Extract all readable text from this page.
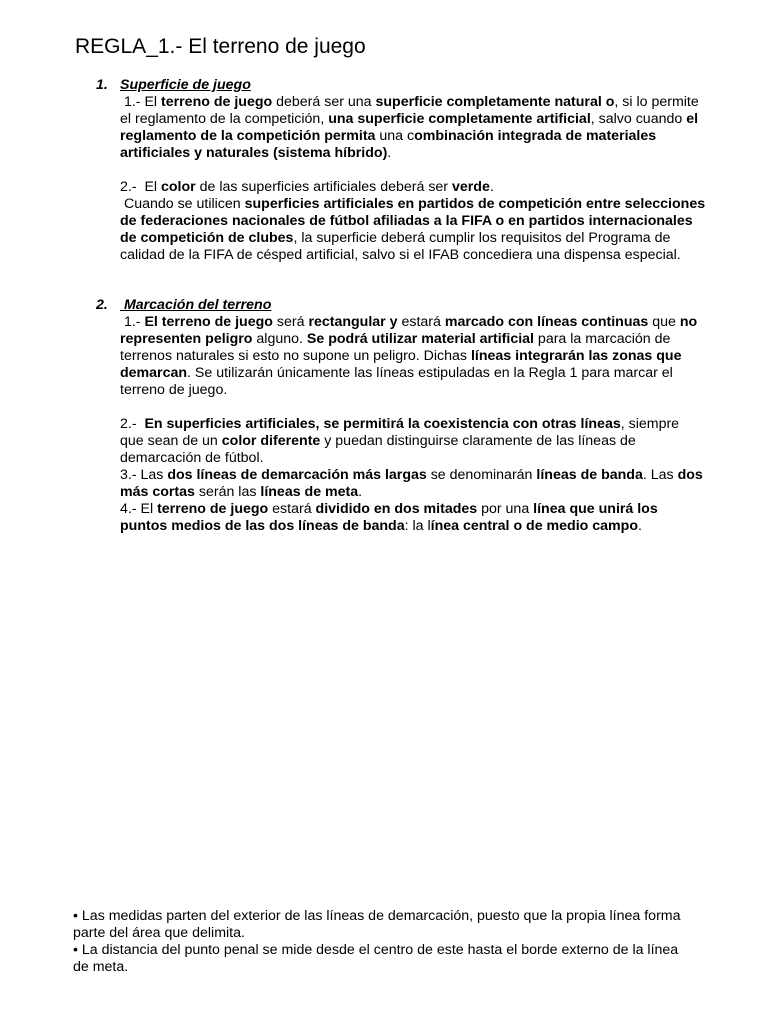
REGLA_1.- El terreno de juego
1. Superficie de juego
1.- El terreno de juego deberá ser una superficie completamente natural o, si lo permite el reglamento de la competición, una superficie completamente artificial, salvo cuando el reglamento de la competición permita una combinación integrada de materiales artificiales y naturales (sistema híbrido).
2.-  El color de las superficies artificiales deberá ser verde.
Cuando se utilicen superficies artificiales en partidos de competición entre selecciones de federaciones nacionales de fútbol afiliadas a la FIFA o en partidos internacionales de competición de clubes, la superficie deberá cumplir los requisitos del Programa de calidad de la FIFA de césped artificial, salvo si el IFAB concediera una dispensa especial.
2. Marcación del terreno
1.- El terreno de juego será rectangular y estará marcado con líneas continuas que no representen peligro alguno. Se podrá utilizar material artificial para la marcación de terrenos naturales si esto no supone un peligro. Dichas líneas integrarán las zonas que demarcan. Se utilizarán únicamente las líneas estipuladas en la Regla 1 para marcar el terreno de juego.
2.-  En superficies artificiales, se permitirá la coexistencia con otras líneas, siempre que sean de un color diferente y puedan distinguirse claramente de las líneas de demarcación de fútbol.
3.- Las dos líneas de demarcación más largas se denominarán líneas de banda. Las dos más cortas serán las líneas de meta.
4.- El terreno de juego estará dividido en dos mitades por una línea que unirá los puntos medios de las dos líneas de banda: la línea central o de medio campo.

• Las medidas parten del exterior de las líneas de demarcación, puesto que la propia línea forma parte del área que delimita.

• La distancia del punto penal se mide desde el centro de este hasta el borde externo de la línea de meta.
